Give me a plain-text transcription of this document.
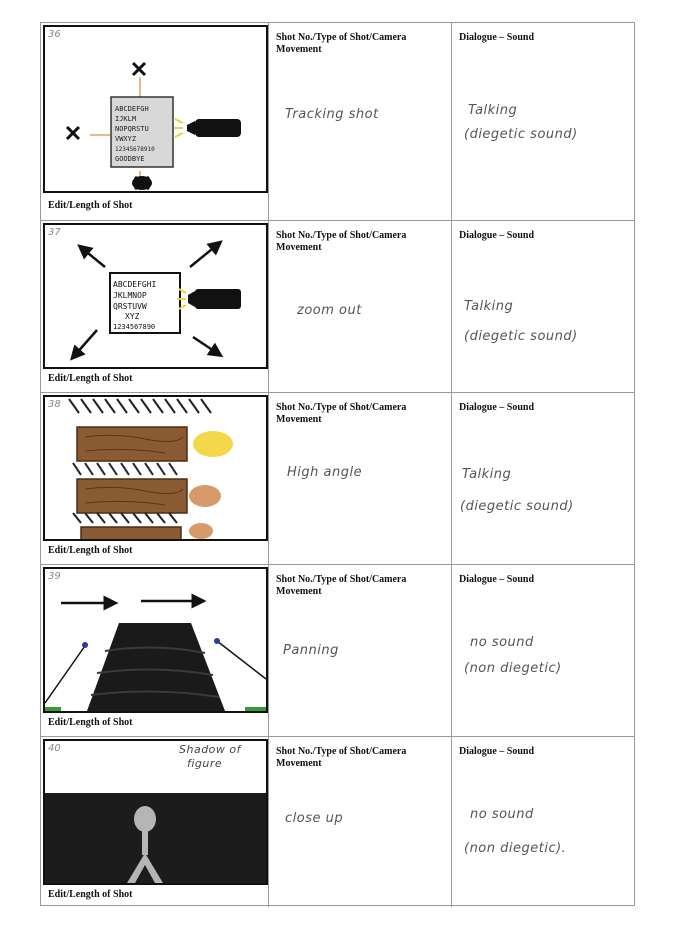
36
ABCDEFGH
IJKLM
NOPQRSTU
VWXYZ
12345678910
GOODBYE
Edit/Length of Shot
Shot No./Type of Shot/Camera Movement
Tracking shot
Dialogue – Sound
Talking
(diegetic sound)
37
ABCDEFGHI
JKLMNOP
QRSTUVW
XYZ
1234567890
Edit/Length of Shot
Shot No./Type of Shot/Camera Movement
zoom out
Dialogue – Sound
Talking
(diegetic sound)
38
Edit/Length of Shot
Shot No./Type of Shot/Camera Movement
High angle
Dialogue – Sound
Talking
(diegetic sound)
39
Edit/Length of Shot
Shot No./Type of Shot/Camera Movement
Panning
Dialogue – Sound
no sound
(non diegetic)
40	Shadow of
figure
Edit/Length of Shot
Shot No./Type of Shot/Camera Movement
close up
Dialogue – Sound
no sound
(non diegetic).
